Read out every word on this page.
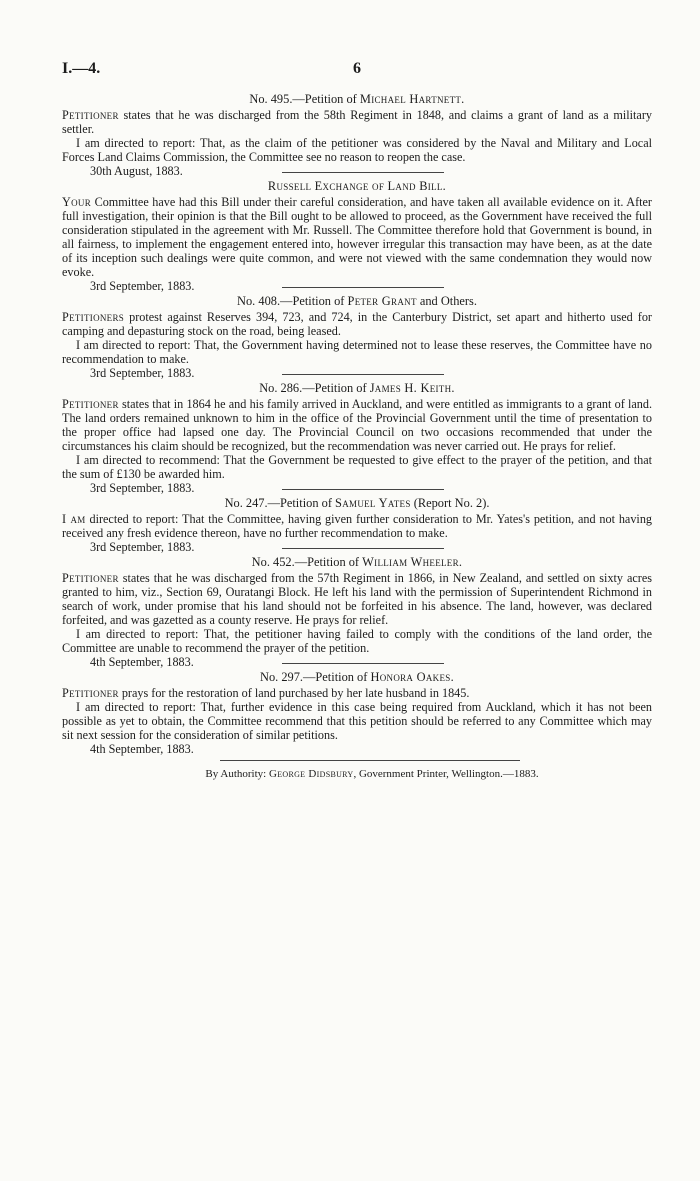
I.—4.	6
No. 495.—Petition of Michael Hartnett.

Petitioner states that he was discharged from the 58th Regiment in 1848, and claims a grant of land as a military settler.

I am directed to report: That, as the claim of the petitioner was considered by the Naval and Military and Local Forces Land Claims Commission, the Committee see no reason to reopen the case.

30th August, 1883.

Russell Exchange of Land Bill.

Your Committee have had this Bill under their careful consideration, and have taken all available evidence on it. After full investigation, their opinion is that the Bill ought to be allowed to proceed, as the Government have received the full consideration stipulated in the agreement with Mr. Russell. The Committee therefore hold that Government is bound, in all fairness, to implement the engagement entered into, however irregular this transaction may have been, as at the date of its inception such dealings were quite common, and were not viewed with the same condemnation they would now evoke.

3rd September, 1883.

No. 408.—Petition of Peter Grant and Others.

Petitioners protest against Reserves 394, 723, and 724, in the Canterbury District, set apart and hitherto used for camping and depasturing stock on the road, being leased.

I am directed to report: That, the Government having determined not to lease these reserves, the Committee have no recommendation to make.

3rd September, 1883.

No. 286.—Petition of James H. Keith.

Petitioner states that in 1864 he and his family arrived in Auckland, and were entitled as immigrants to a grant of land. The land orders remained unknown to him in the office of the Provincial Government until the time of presentation to the proper office had lapsed one day. The Provincial Council on two occasions recommended that under the circumstances his claim should be recognized, but the recommendation was never carried out. He prays for relief.

I am directed to recommend: That the Government be requested to give effect to the prayer of the petition, and that the sum of £130 be awarded him.

3rd September, 1883.

No. 247.—Petition of Samuel Yates (Report No. 2).

I am directed to report: That the Committee, having given further consideration to Mr. Yates's petition, and not having received any fresh evidence thereon, have no further recommendation to make.

3rd September, 1883.

No. 452.—Petition of William Wheeler.

Petitioner states that he was discharged from the 57th Regiment in 1866, in New Zealand, and settled on sixty acres granted to him, viz., Section 69, Ouratangi Block. He left his land with the permission of Superintendent Richmond in search of work, under promise that his land should not be forfeited in his absence. The land, however, was declared forfeited, and was gazetted as a county reserve. He prays for relief.

I am directed to report: That, the petitioner having failed to comply with the conditions of the land order, the Committee are unable to recommend the prayer of the petition.

4th September, 1883.

No. 297.—Petition of Honora Oakes.

Petitioner prays for the restoration of land purchased by her late husband in 1845.

I am directed to report: That, further evidence in this case being required from Auckland, which it has not been possible as yet to obtain, the Committee recommend that this petition should be referred to any Committee which may sit next session for the consideration of similar petitions.

4th September, 1883.

By Authority: George Didsbury, Government Printer, Wellington.—1883.
